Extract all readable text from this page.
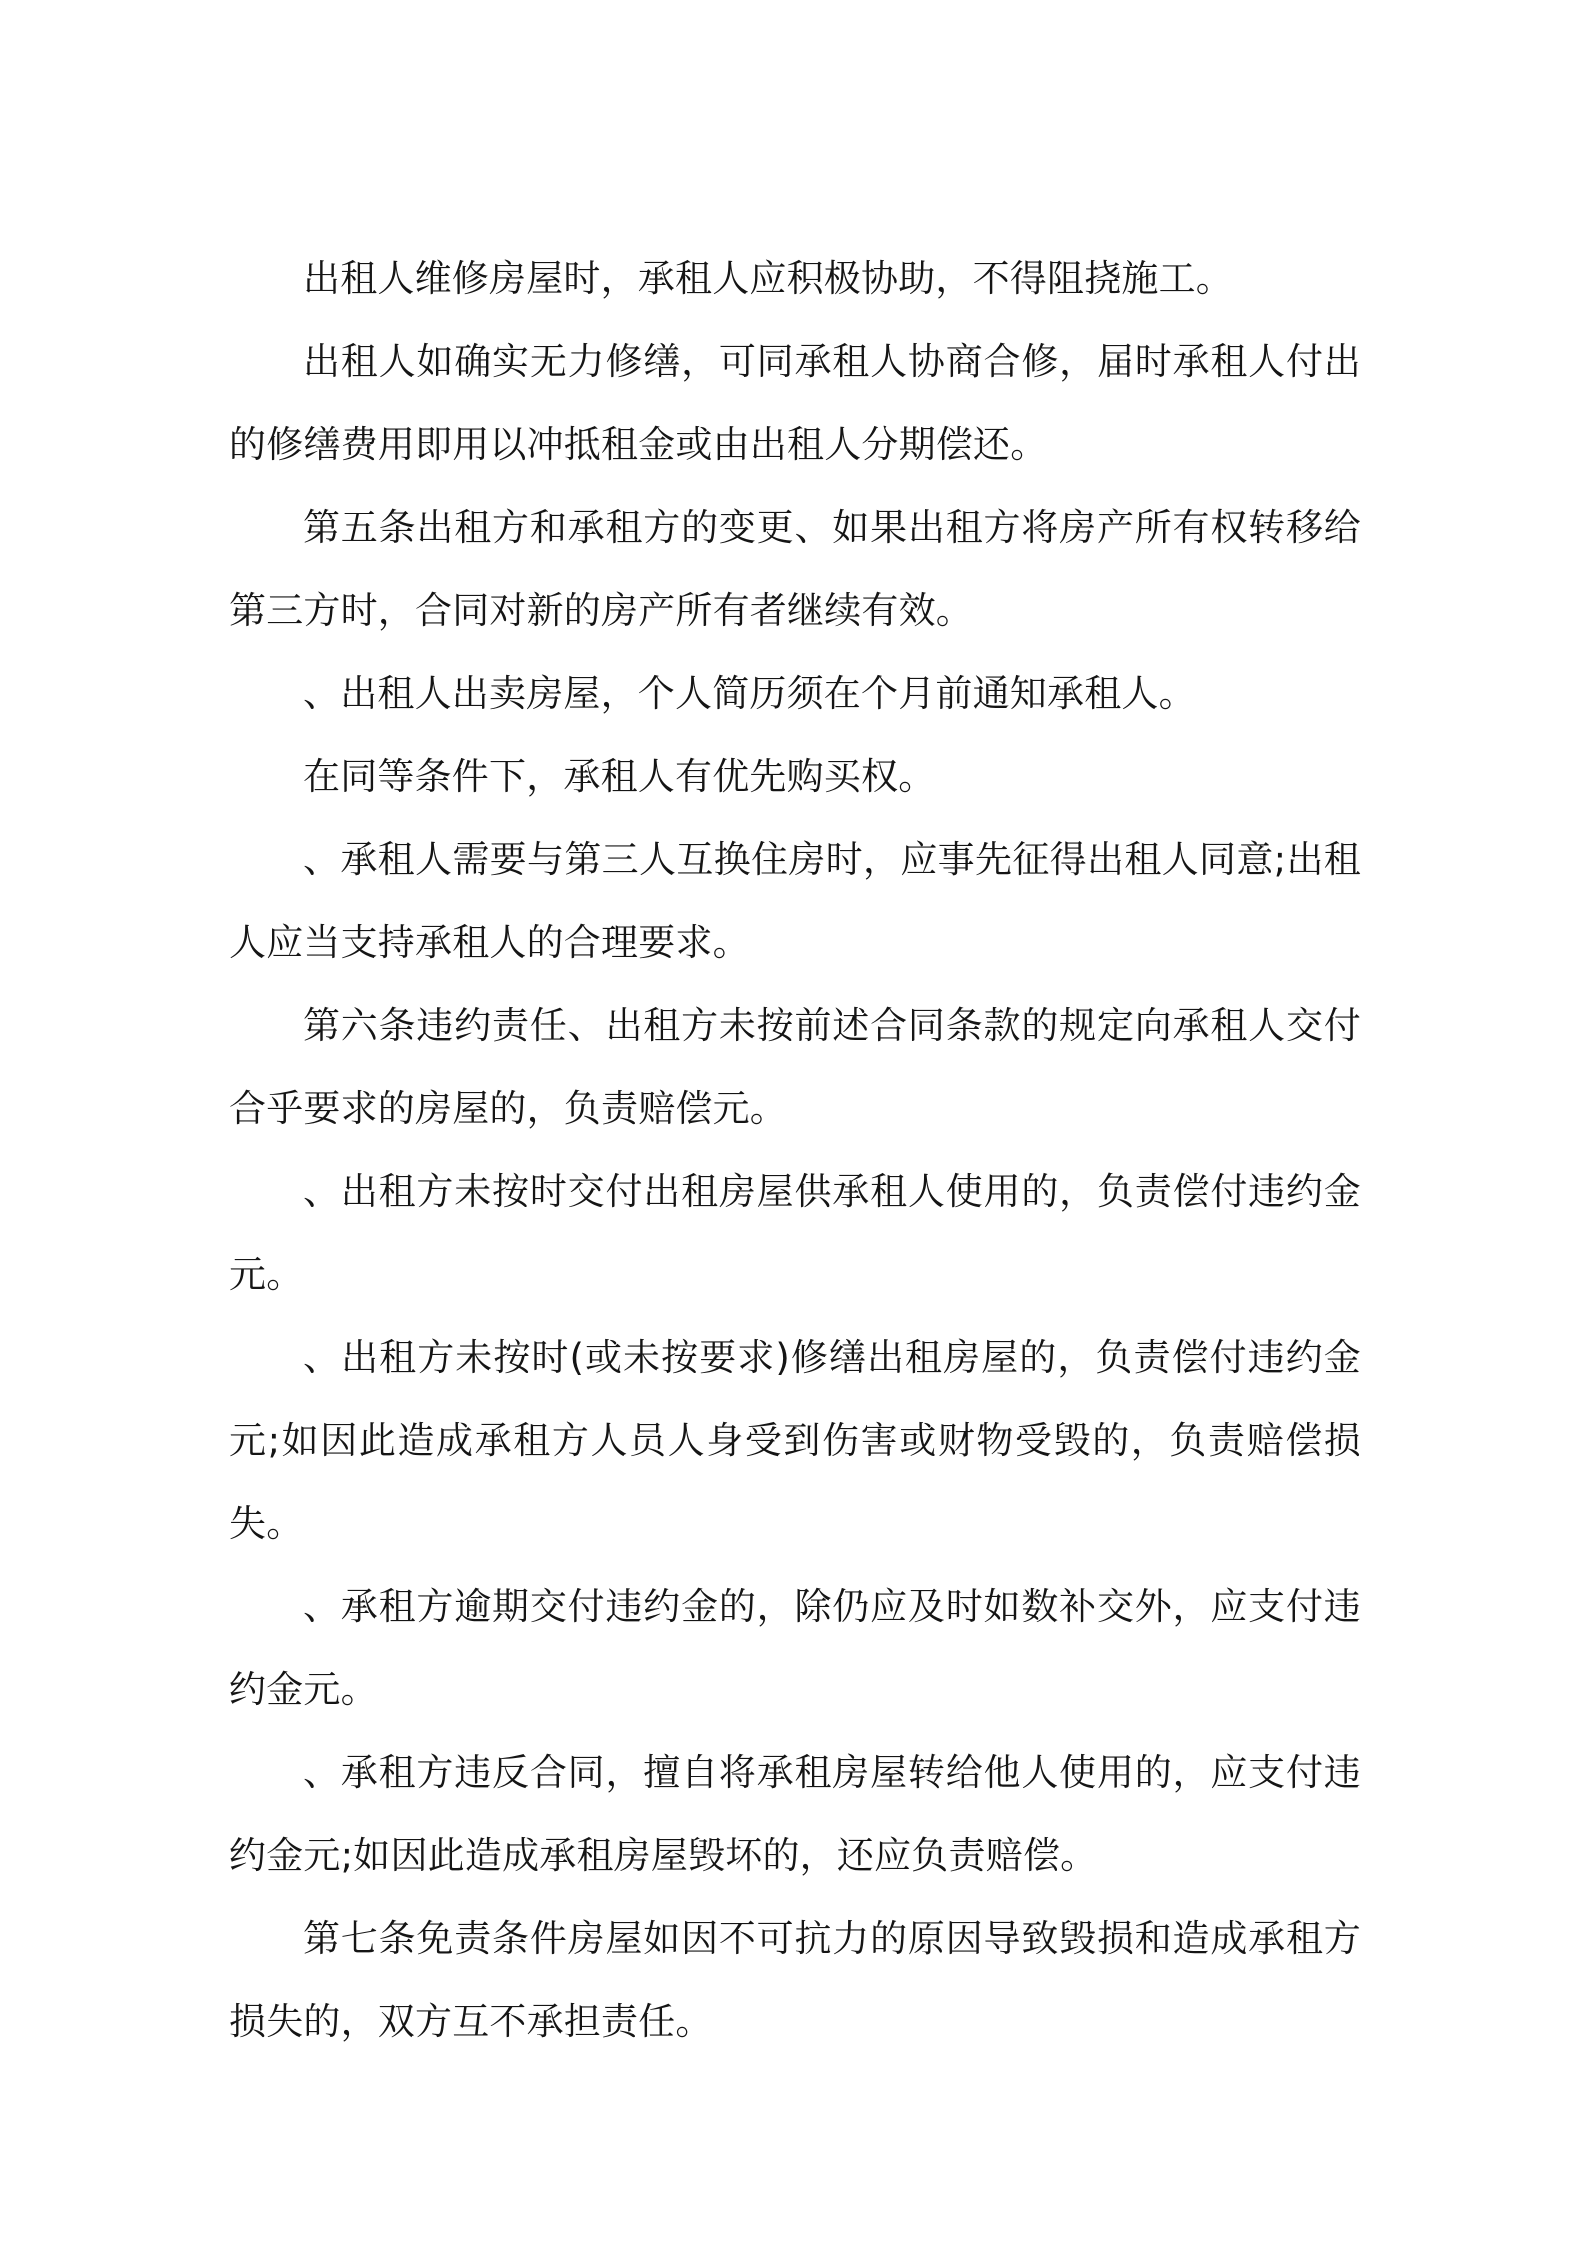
出租人维修房屋时，承租人应积极协助，不得阻挠施工。

出租人如确实无力修缮，可同承租人协商合修，届时承租人付出的修缮费用即用以冲抵租金或由出租人分期偿还。

第五条出租方和承租方的变更、如果出租方将房产所有权转移给第三方时，合同对新的房产所有者继续有效。

、出租人出卖房屋，个人简历须在个月前通知承租人。

在同等条件下，承租人有优先购买权。

、承租人需要与第三人互换住房时，应事先征得出租人同意;出租人应当支持承租人的合理要求。

第六条违约责任、出租方未按前述合同条款的规定向承租人交付合乎要求的房屋的，负责赔偿元。

、出租方未按时交付出租房屋供承租人使用的，负责偿付违约金元。

、出租方未按时(或未按要求)修缮出租房屋的，负责偿付违约金元;如因此造成承租方人员人身受到伤害或财物受毁的，负责赔偿损失。

、承租方逾期交付违约金的，除仍应及时如数补交外，应支付违约金元。

、承租方违反合同，擅自将承租房屋转给他人使用的，应支付违约金元;如因此造成承租房屋毁坏的，还应负责赔偿。

第七条免责条件房屋如因不可抗力的原因导致毁损和造成承租方损失的，双方互不承担责任。
